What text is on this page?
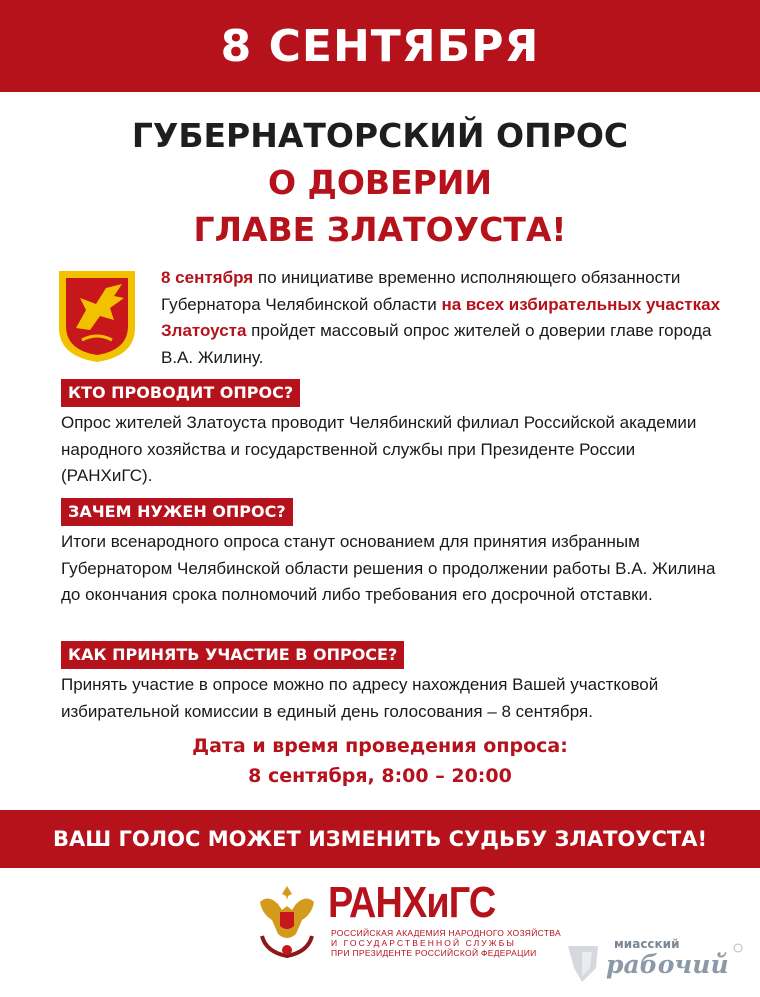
8 СЕНТЯБРЯ
ГУБЕРНАТОРСКИЙ ОПРОС
О ДОВЕРИИ
ГЛАВЕ ЗЛАТОУСТА!
8 сентября по инициативе временно исполняющего обязанности Губернатора Челябинской области на всех избирательных участках Златоуста пройдет массовый опрос жителей о доверии главе города В.А. Жилину.
КТО ПРОВОДИТ ОПРОС?
Опрос жителей Златоуста проводит Челябинский филиал Российской академии народного хозяйства и государственной службы при Президенте России (РАНХиГС).
ЗАЧЕМ НУЖЕН ОПРОС?
Итоги всенародного опроса станут основанием для принятия избранным Губернатором Челябинской области решения о продолжении работы В.А. Жилина до окончания срока полномочий либо требования его досрочной отставки.
КАК ПРИНЯТЬ УЧАСТИЕ В ОПРОСЕ?
Принять участие в опросе можно по адресу нахождения Вашей участковой избирательной комиссии в единый день голосования – 8 сентября.
Дата и время проведения опроса:
8 сентября, 8:00 – 20:00
ВАШ ГОЛОС МОЖЕТ ИЗМЕНИТЬ СУДЬБУ ЗЛАТОУСТА!
РАНХиГС
РОССИЙСКАЯ АКАДЕМИЯ НАРОДНОГО ХОЗЯЙСТВА
И ГОСУДАРСТВЕННОЙ СЛУЖБЫ
ПРИ ПРЕЗИДЕНТЕ РОССИЙСКОЙ ФЕДЕРАЦИИ
миасский
рабочий
